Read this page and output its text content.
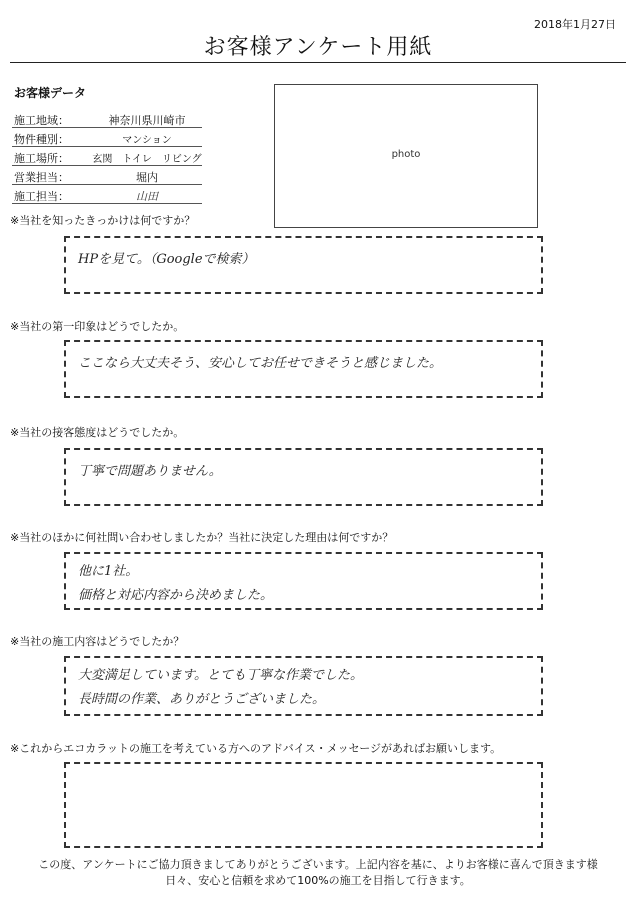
2018年1月27日
お客様アンケート用紙
お客様データ
施工地域：	神奈川県川崎市
物件種別：	マンション
施工場所： 玄関　トイレ　リビング
営業担当：	堀内
施工担当：	山田
photo
※当社を知ったきっかけは何ですか？
HPを見て。（Googleで検索）
※当社の第一印象はどうでしたか。
ここなら大丈夫そう、安心してお任せできそうと感じました。
※当社の接客態度はどうでしたか。
丁寧で問題ありません。
※当社のほかに何社問い合わせしましたか？当社に決定した理由は何ですか？
他に1社。
価格と対応内容から決めました。
※当社の施工内容はどうでしたか？
大変満足しています。とても丁寧な作業でした。
長時間の作業、ありがとうございました。
※これからエコカラットの施工を考えている方へのアドバイス・メッセージがあればお願いします。
この度、アンケートにご協力頂きましてありがとうございます。上記内容を基に、よりお客様に喜んで頂きます様
日々、安心と信頼を求めて100%の施工を目指して行きます。
